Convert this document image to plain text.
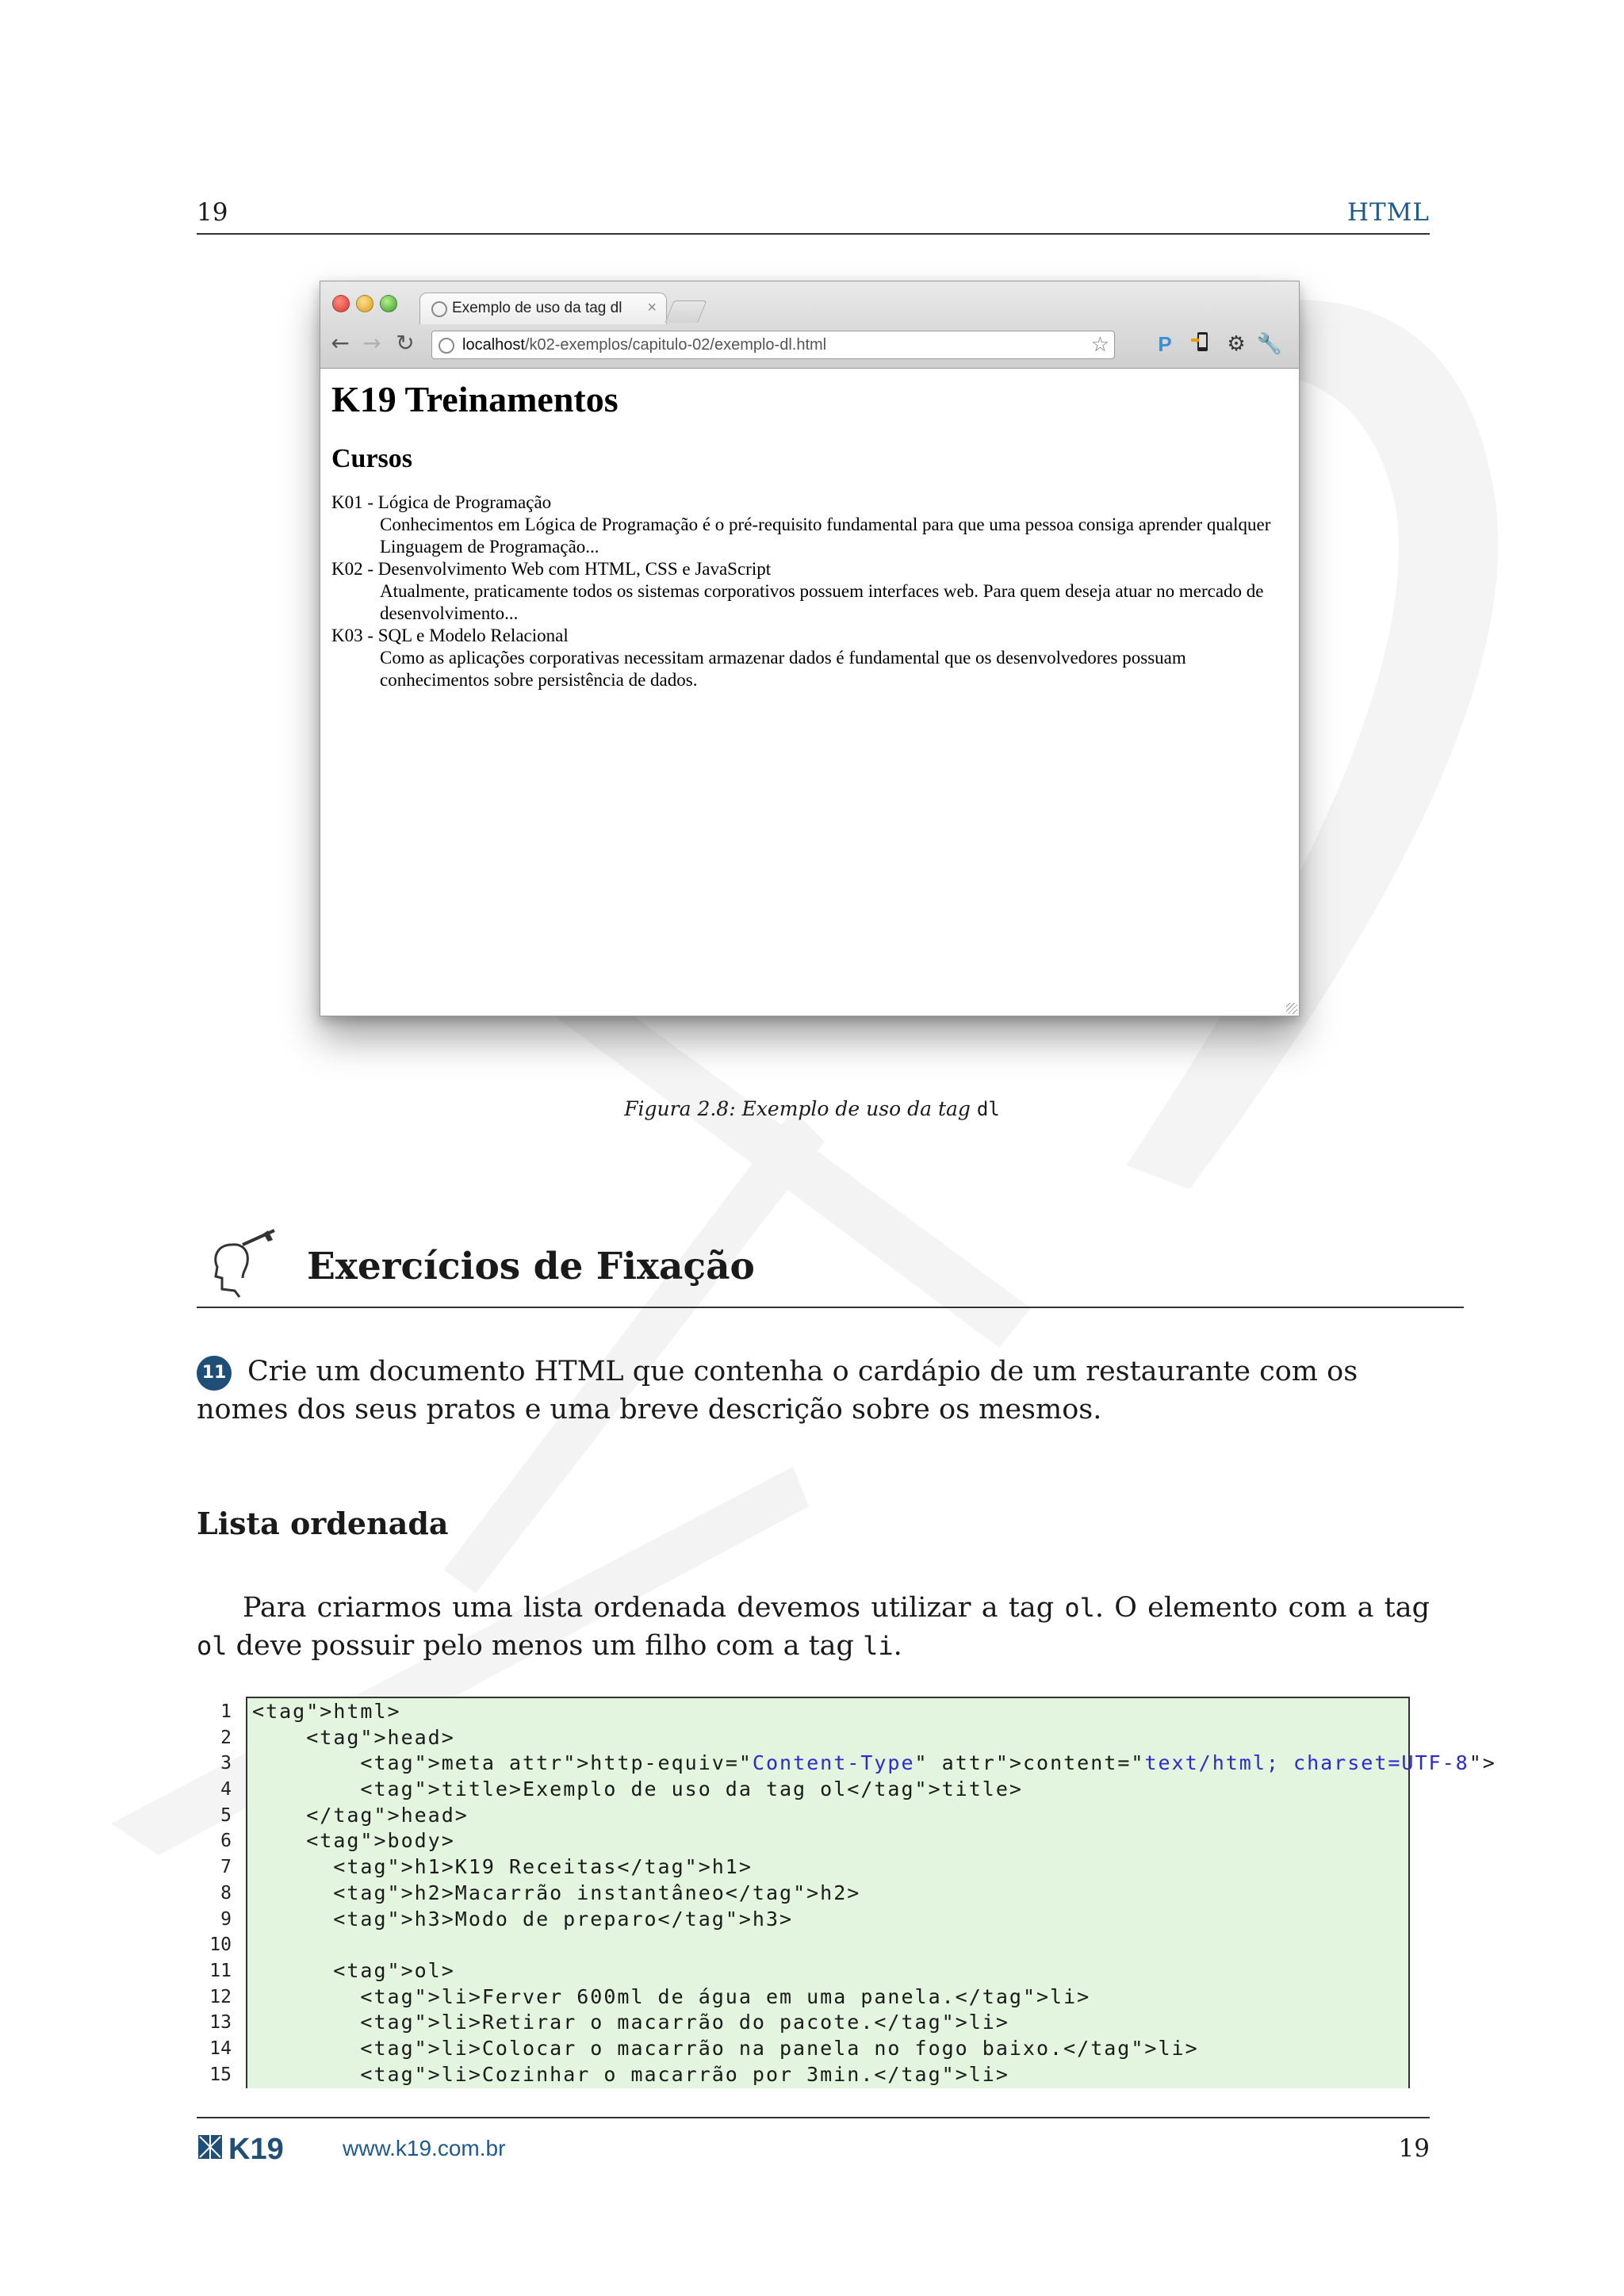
19	HTML
Exemplo de uso da tag dl ×
← → ↻	localhost/k02-exemplos/capitulo-02/exemplo-dl.html	☆	P	⚙ 🔧
K19 Treinamentos
Cursos
K01 - Lógica de Programação
Conhecimentos em Lógica de Programação é o pré-requisito fundamental para que uma pessoa consiga aprender qualquer Linguagem de Programação...
K02 - Desenvolvimento Web com HTML, CSS e JavaScript
Atualmente, praticamente todos os sistemas corporativos possuem interfaces web. Para quem deseja atuar no mercado de desenvolvimento...
K03 - SQL e Modelo Relacional
Como as aplicações corporativas necessitam armazenar dados é fundamental que os desenvolvedores possuam conhecimentos sobre persistência de dados.
Figura 2.8: Exemplo de uso da tag dl
Exercícios de Fixação
11 Crie um documento HTML que contenha o cardápio de um restaurante com os nomes dos seus pratos e uma breve descrição sobre os mesmos.
Lista ordenada
Para criarmos uma lista ordenada devemos utilizar a tag ol. O elemento com a tag ol deve possuir pelo menos um filho com a tag li.
1
2
3
4
5
6
7
8
9
10
11
12
13
14
15
<tag">html>
<tag">head>
<tag">meta attr">http-equiv="Content-Type" attr">content="text/html; charset=UTF-8">
<tag">title>Exemplo de uso da tag ol</tag">title>
</tag">head>
<tag">body>
<tag">h1>K19 Receitas</tag">h1>
<tag">h2>Macarrão instantâneo</tag">h2>
<tag">h3>Modo de preparo</tag">h3>
<tag">ol>
<tag">li>Ferver 600ml de água em uma panela.</tag">li>
<tag">li>Retirar o macarrão do pacote.</tag">li>
<tag">li>Colocar o macarrão na panela no fogo baixo.</tag">li>
<tag">li>Cozinhar o macarrão por 3min.</tag">li>
K19	www.k19.com.br	19
